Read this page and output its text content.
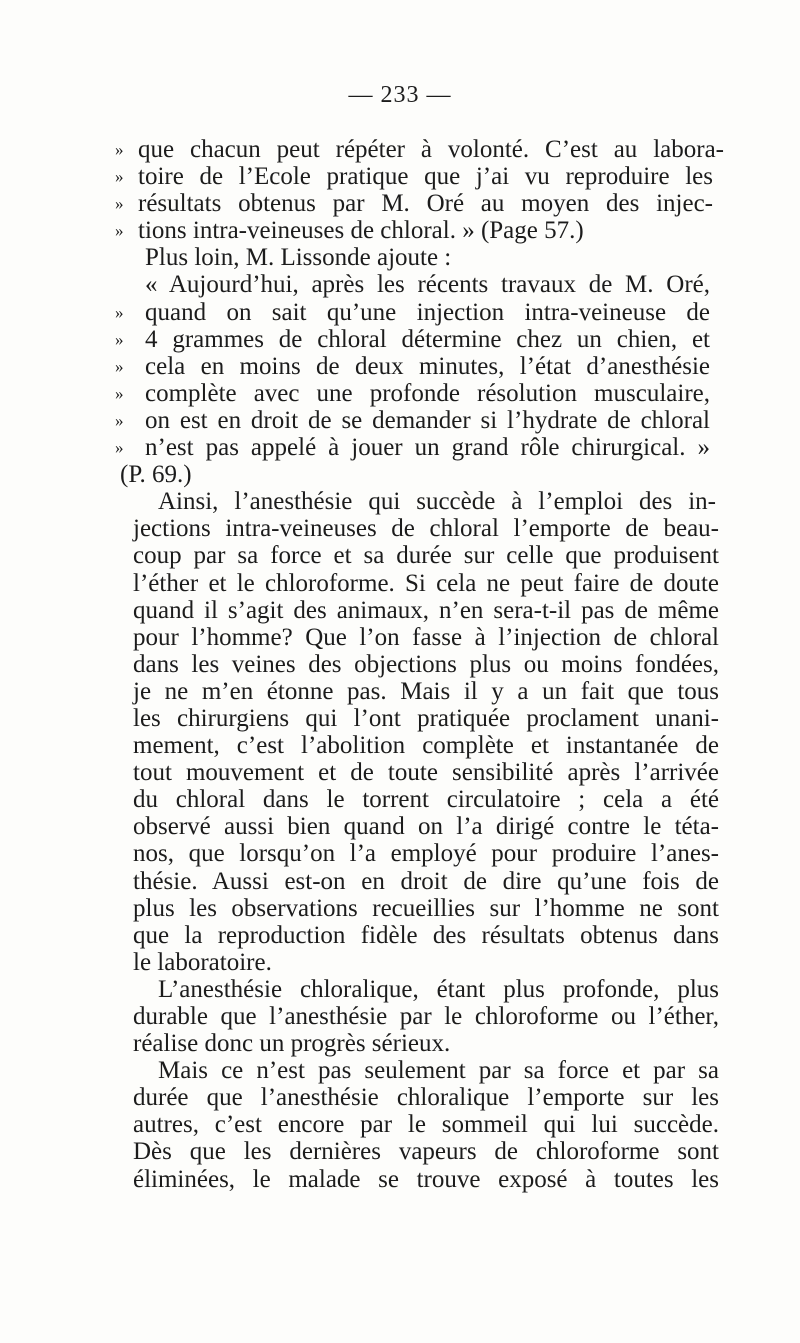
— 233 —
» que chacun peut répéter à volonté. C’est au labora-
» toire de l’Ecole pratique que j’ai vu reproduire les
» résultats obtenus par M. Oré au moyen des injec-
» tions intra-veineuses de chloral. » (Page 57.)
Plus loin, M. Lissonde ajoute :
« Aujourd’hui, après les récents travaux de M. Oré,
» quand on sait qu’une injection intra-veineuse de
» 4 grammes de chloral détermine chez un chien, et
» cela en moins de deux minutes, l’état d’anesthésie
» complète avec une profonde résolution musculaire,
» on est en droit de se demander si l’hydrate de chloral
» n’est pas appelé à jouer un grand rôle chirurgical. »
(P. 69.)
Ainsi, l’anesthésie qui succède à l’emploi des in-
jections intra-veineuses de chloral l’emporte de beau-
coup par sa force et sa durée sur celle que produisent
l’éther et le chloroforme. Si cela ne peut faire de doute
quand il s’agit des animaux, n’en sera-t-il pas de même
pour l’homme? Que l’on fasse à l’injection de chloral
dans les veines des objections plus ou moins fondées,
je ne m’en étonne pas. Mais il y a un fait que tous
les chirurgiens qui l’ont pratiquée proclament unani-
mement, c’est l’abolition complète et instantanée de
tout mouvement et de toute sensibilité après l’arrivée
du chloral dans le torrent circulatoire ; cela a été
observé aussi bien quand on l’a dirigé contre le téta-
nos, que lorsqu’on l’a employé pour produire l’anes-
thésie. Aussi est-on en droit de dire qu’une fois de
plus les observations recueillies sur l’homme ne sont
que la reproduction fidèle des résultats obtenus dans
le laboratoire.
L’anesthésie chloralique, étant plus profonde, plus
durable que l’anesthésie par le chloroforme ou l’éther,
réalise donc un progrès sérieux.
Mais ce n’est pas seulement par sa force et par sa
durée que l’anesthésie chloralique l’emporte sur les
autres, c’est encore par le sommeil qui lui succède.
Dès que les dernières vapeurs de chloroforme sont
éliminées, le malade se trouve exposé à toutes les
